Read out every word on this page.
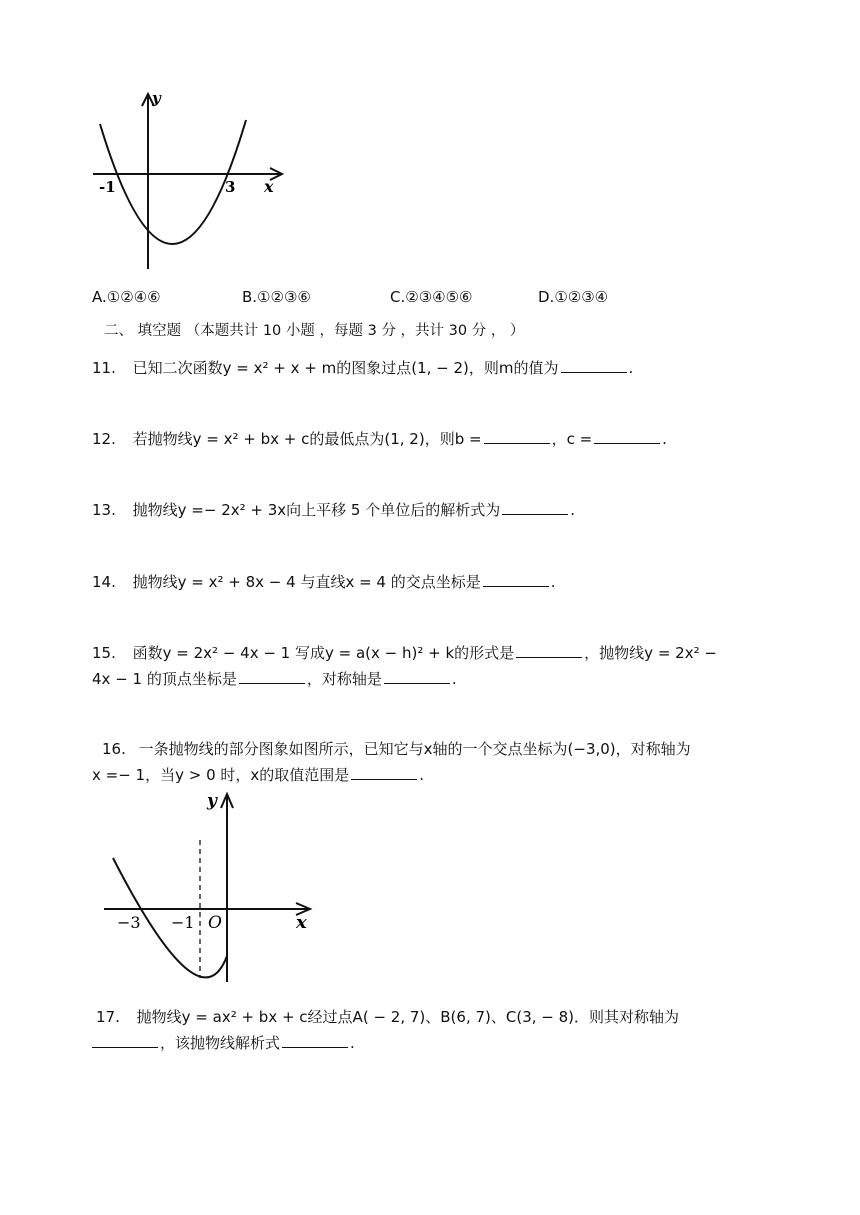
y
x
-1	3
A.①②④⑥	B.①②③⑥	C.②③④⑤⑥	D.①②③④
二、 填空题 （本题共计 10 小题 ，每题 3 分 ，共计 30 分 ， ）
11. 已知二次函数y = x² + x + m的图象过点(1, − 2)，则m的值为	.
12. 若抛物线y = x² + bx + c的最低点为(1, 2)，则b =	，c =	.
13. 抛物线y =− 2x² + 3x向上平移 5 个单位后的解析式为	.
14. 抛物线y = x² + 8x − 4 与直线x = 4 的交点坐标是	.
15. 函数y = 2x² − 4x − 1 写成y = a(x − h)² + k的形式是	，抛物线y = 2x² −
4x − 1 的顶点坐标是	，对称轴是	.
16. 一条抛物线的部分图象如图所示，已知它与x轴的一个交点坐标为(−3,0)，对称轴为
x =− 1，当y > 0 时，x的取值范围是	.
y
x
O
−3 −1
17. 抛物线y = ax² + bx + c经过点A( − 2, 7)、B(6, 7)、C(3, − 8)．则其对称轴为
，该抛物线解析式	.
